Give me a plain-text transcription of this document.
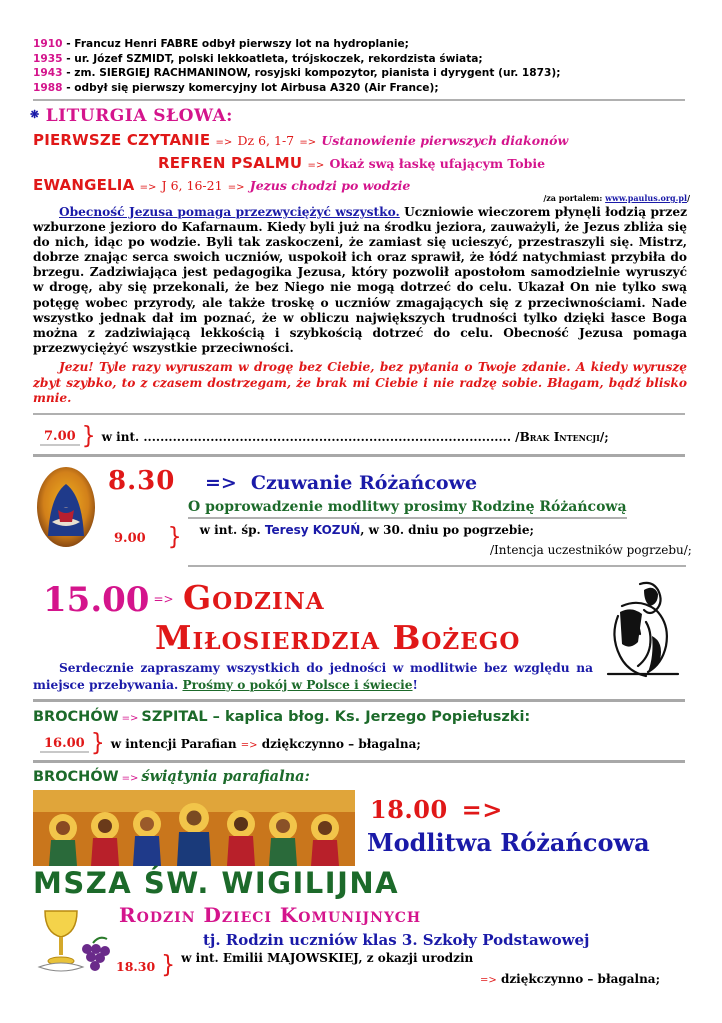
1910 - Francuz Henri FABRE odbył pierwszy lot na hydroplanie;
1935 - ur. Józef SZMIDT, polski lekkoatleta, trójskoczek, rekordzista świata;
1943 - zm. SIERGIEJ RACHMANINOW, rosyjski kompozytor, pianista i dyrygent (ur. 1873);
1988 - odbył się pierwszy komercyjny lot Airbusa A320 (Air France);
❋ LITURGIA SŁOWA:
PIERWSZE CZYTANIE => Dz 6, 1-7 => Ustanowienie pierwszych diakonów
REFREN PSALMU => Okaż swą łaskę ufającym Tobie
EWANGELIA => J 6, 16-21 => Jezus chodzi po wodzie
/za portalem: www.paulus.org.pl/
Obecność Jezusa pomaga przezwyciężyć wszystko. Uczniowie wieczorem płynęli łodzią przez wzburzone jezioro do Kafarnaum. Kiedy byli już na środku jeziora, zauważyli, że Jezus zbliża się do nich, idąc po wodzie. Byli tak zaskoczeni, że zamiast się ucieszyć, przestraszyli się. Mistrz, dobrze znając serca swoich uczniów, uspokoił ich oraz sprawił, że łódź natychmiast przybiła do brzegu. Zadziwiająca jest pedagogika Jezusa, który pozwolił apostołom samodzielnie wyruszyć w drogę, aby się przekonali, że bez Niego nie mogą dotrzeć do celu. Ukazał On nie tylko swą potęgę wobec przyrody, ale także troskę o uczniów zmagających się z przeciwnościami. Nade wszystko jednak dał im poznać, że w obliczu największych trudności tylko dzięki łasce Boga można z zadziwiającą lekkością i szybkością dotrzeć do celu. Obecność Jezusa pomaga przezwyciężyć wszystkie przeciwności.
Jezu! Tyle razy wyruszam w drogę bez Ciebie, bez pytania o Twoje zdanie. A kiedy wyruszę zbyt szybko, to z czasem dostrzegam, że brak mi Ciebie i nie radzę sobie. Błagam, bądź blisko mnie.
7.00 } w int. ........................................................................................ /Brak Intencji/;
8.30 => Czuwanie Różańcowe
O poprowadzenie modlitwy prosimy Rodzinę Różańcową
9.00 } w int. śp. Teresy KOZUŃ, w 30. dniu po pogrzebie;
/Intencja uczestników pogrzebu/;
15.00 => Godzina
Miłosierdzia Bożego
Serdecznie zapraszamy wszystkich do jedności w modlitwie bez względu na miejsce przebywania. Prośmy o pokój w Polsce i świecie!
BROCHÓW => SZPITAL – kaplica błog. Ks. Jerzego Popiełuszki:
16.00 } w intencji Parafian => dziękczynno – błagalna;
BROCHÓW => świątynia parafialna:
18.00 =>
Modlitwa Różańcowa
MSZA ŚW. WIGILIJNA
Rodzin Dzieci Komunijnych
tj. Rodzin uczniów klas 3. Szkoły Podstawowej
18.30 } w int. Emilii MAJOWSKIEJ, z okazji urodzin
=> dziękczynno – błagalna;
